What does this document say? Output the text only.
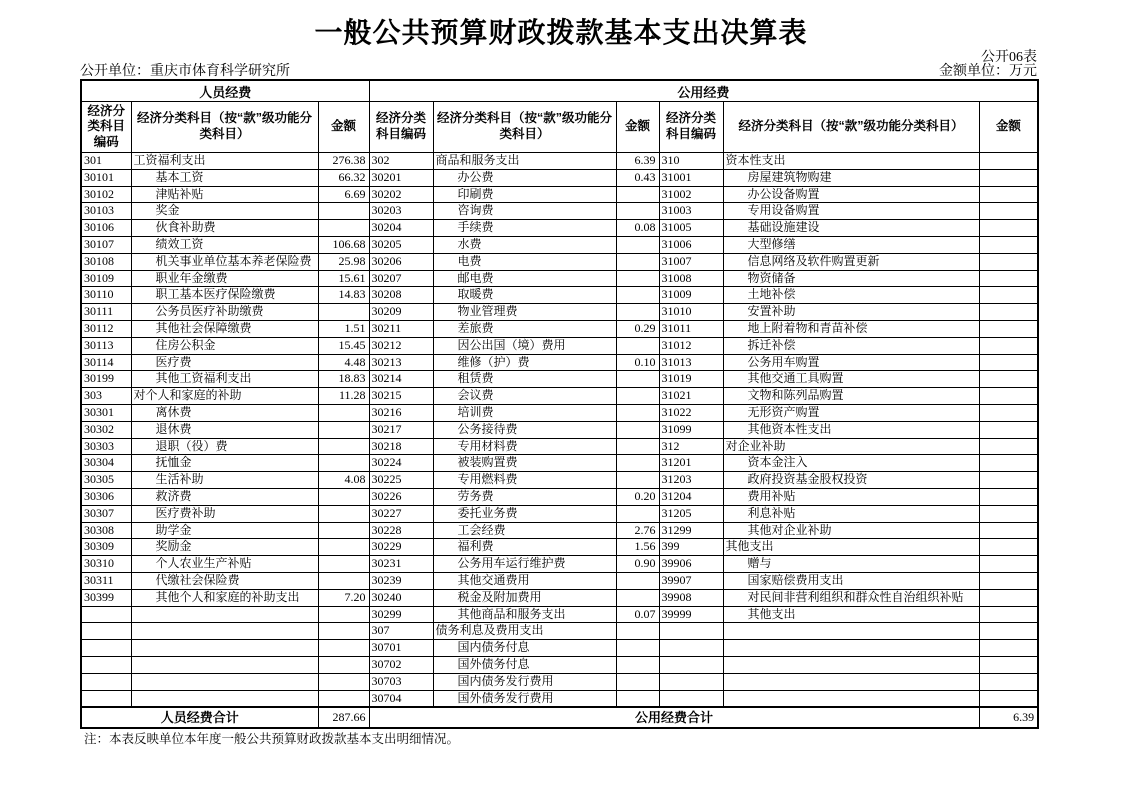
一般公共预算财政拨款基本支出决算表
公开06表
公开单位：重庆市体育科学研究所	金额单位：万元
人员经费			公用经费					
经济分类科目编码	经济分类科目（按“款”级功能分类科目）	金额	经济分类科目编码	经济分类科目（按“款”级功能分类科目）	金额	经济分类科目编码	经济分类科目（按“款”级功能分类科目）	金额
301	工资福利支出	276.38	302	商品和服务支出	6.39	310	资本性支出	
30101	基本工资	66.32	30201	办公费	0.43	31001	房屋建筑物购建	
30102	津贴补贴	6.69	30202	印刷费		31002	办公设备购置	
30103	奖金		30203	咨询费		31003	专用设备购置	
30106	伙食补助费		30204	手续费	0.08	31005	基础设施建设	
30107	绩效工资	106.68	30205	水费		31006	大型修缮	
30108	机关事业单位基本养老保险费	25.98	30206	电费		31007	信息网络及软件购置更新	
30109	职业年金缴费	15.61	30207	邮电费		31008	物资储备	
30110	职工基本医疗保险缴费	14.83	30208	取暖费		31009	土地补偿	
30111	公务员医疗补助缴费		30209	物业管理费		31010	安置补助	
30112	其他社会保障缴费	1.51	30211	差旅费	0.29	31011	地上附着物和青苗补偿	
30113	住房公积金	15.45	30212	因公出国（境）费用		31012	拆迁补偿	
30114	医疗费	4.48	30213	维修（护）费	0.10	31013	公务用车购置	
30199	其他工资福利支出	18.83	30214	租赁费		31019	其他交通工具购置	
303	对个人和家庭的补助	11.28	30215	会议费		31021	文物和陈列品购置	
30301	离休费		30216	培训费		31022	无形资产购置	
30302	退休费		30217	公务接待费		31099	其他资本性支出	
30303	退职（役）费		30218	专用材料费		312	对企业补助	
30304	抚恤金		30224	被装购置费		31201	资本金注入	
30305	生活补助	4.08	30225	专用燃料费		31203	政府投资基金股权投资	
30306	救济费		30226	劳务费	0.20	31204	费用补贴	
30307	医疗费补助		30227	委托业务费		31205	利息补贴	
30308	助学金		30228	工会经费	2.76	31299	其他对企业补助	
30309	奖励金		30229	福利费	1.56	399	其他支出	
30310	个人农业生产补贴		30231	公务用车运行维护费	0.90	39906	赠与	
30311	代缴社会保险费		30239	其他交通费用		39907	国家赔偿费用支出	
30399	其他个人和家庭的补助支出	7.20	30240	税金及附加费用		39908	对民间非营利组织和群众性自治组织补贴	
			30299	其他商品和服务支出	0.07	39999	其他支出	
			307	债务利息及费用支出				
			30701	国内债务付息				
			30702	国外债务付息				
			30703	国内债务发行费用				
			30704	国外债务发行费用				
人员经费合计		287.66	公用经费合计					6.39
注：本表反映单位本年度一般公共预算财政拨款基本支出明细情况。
